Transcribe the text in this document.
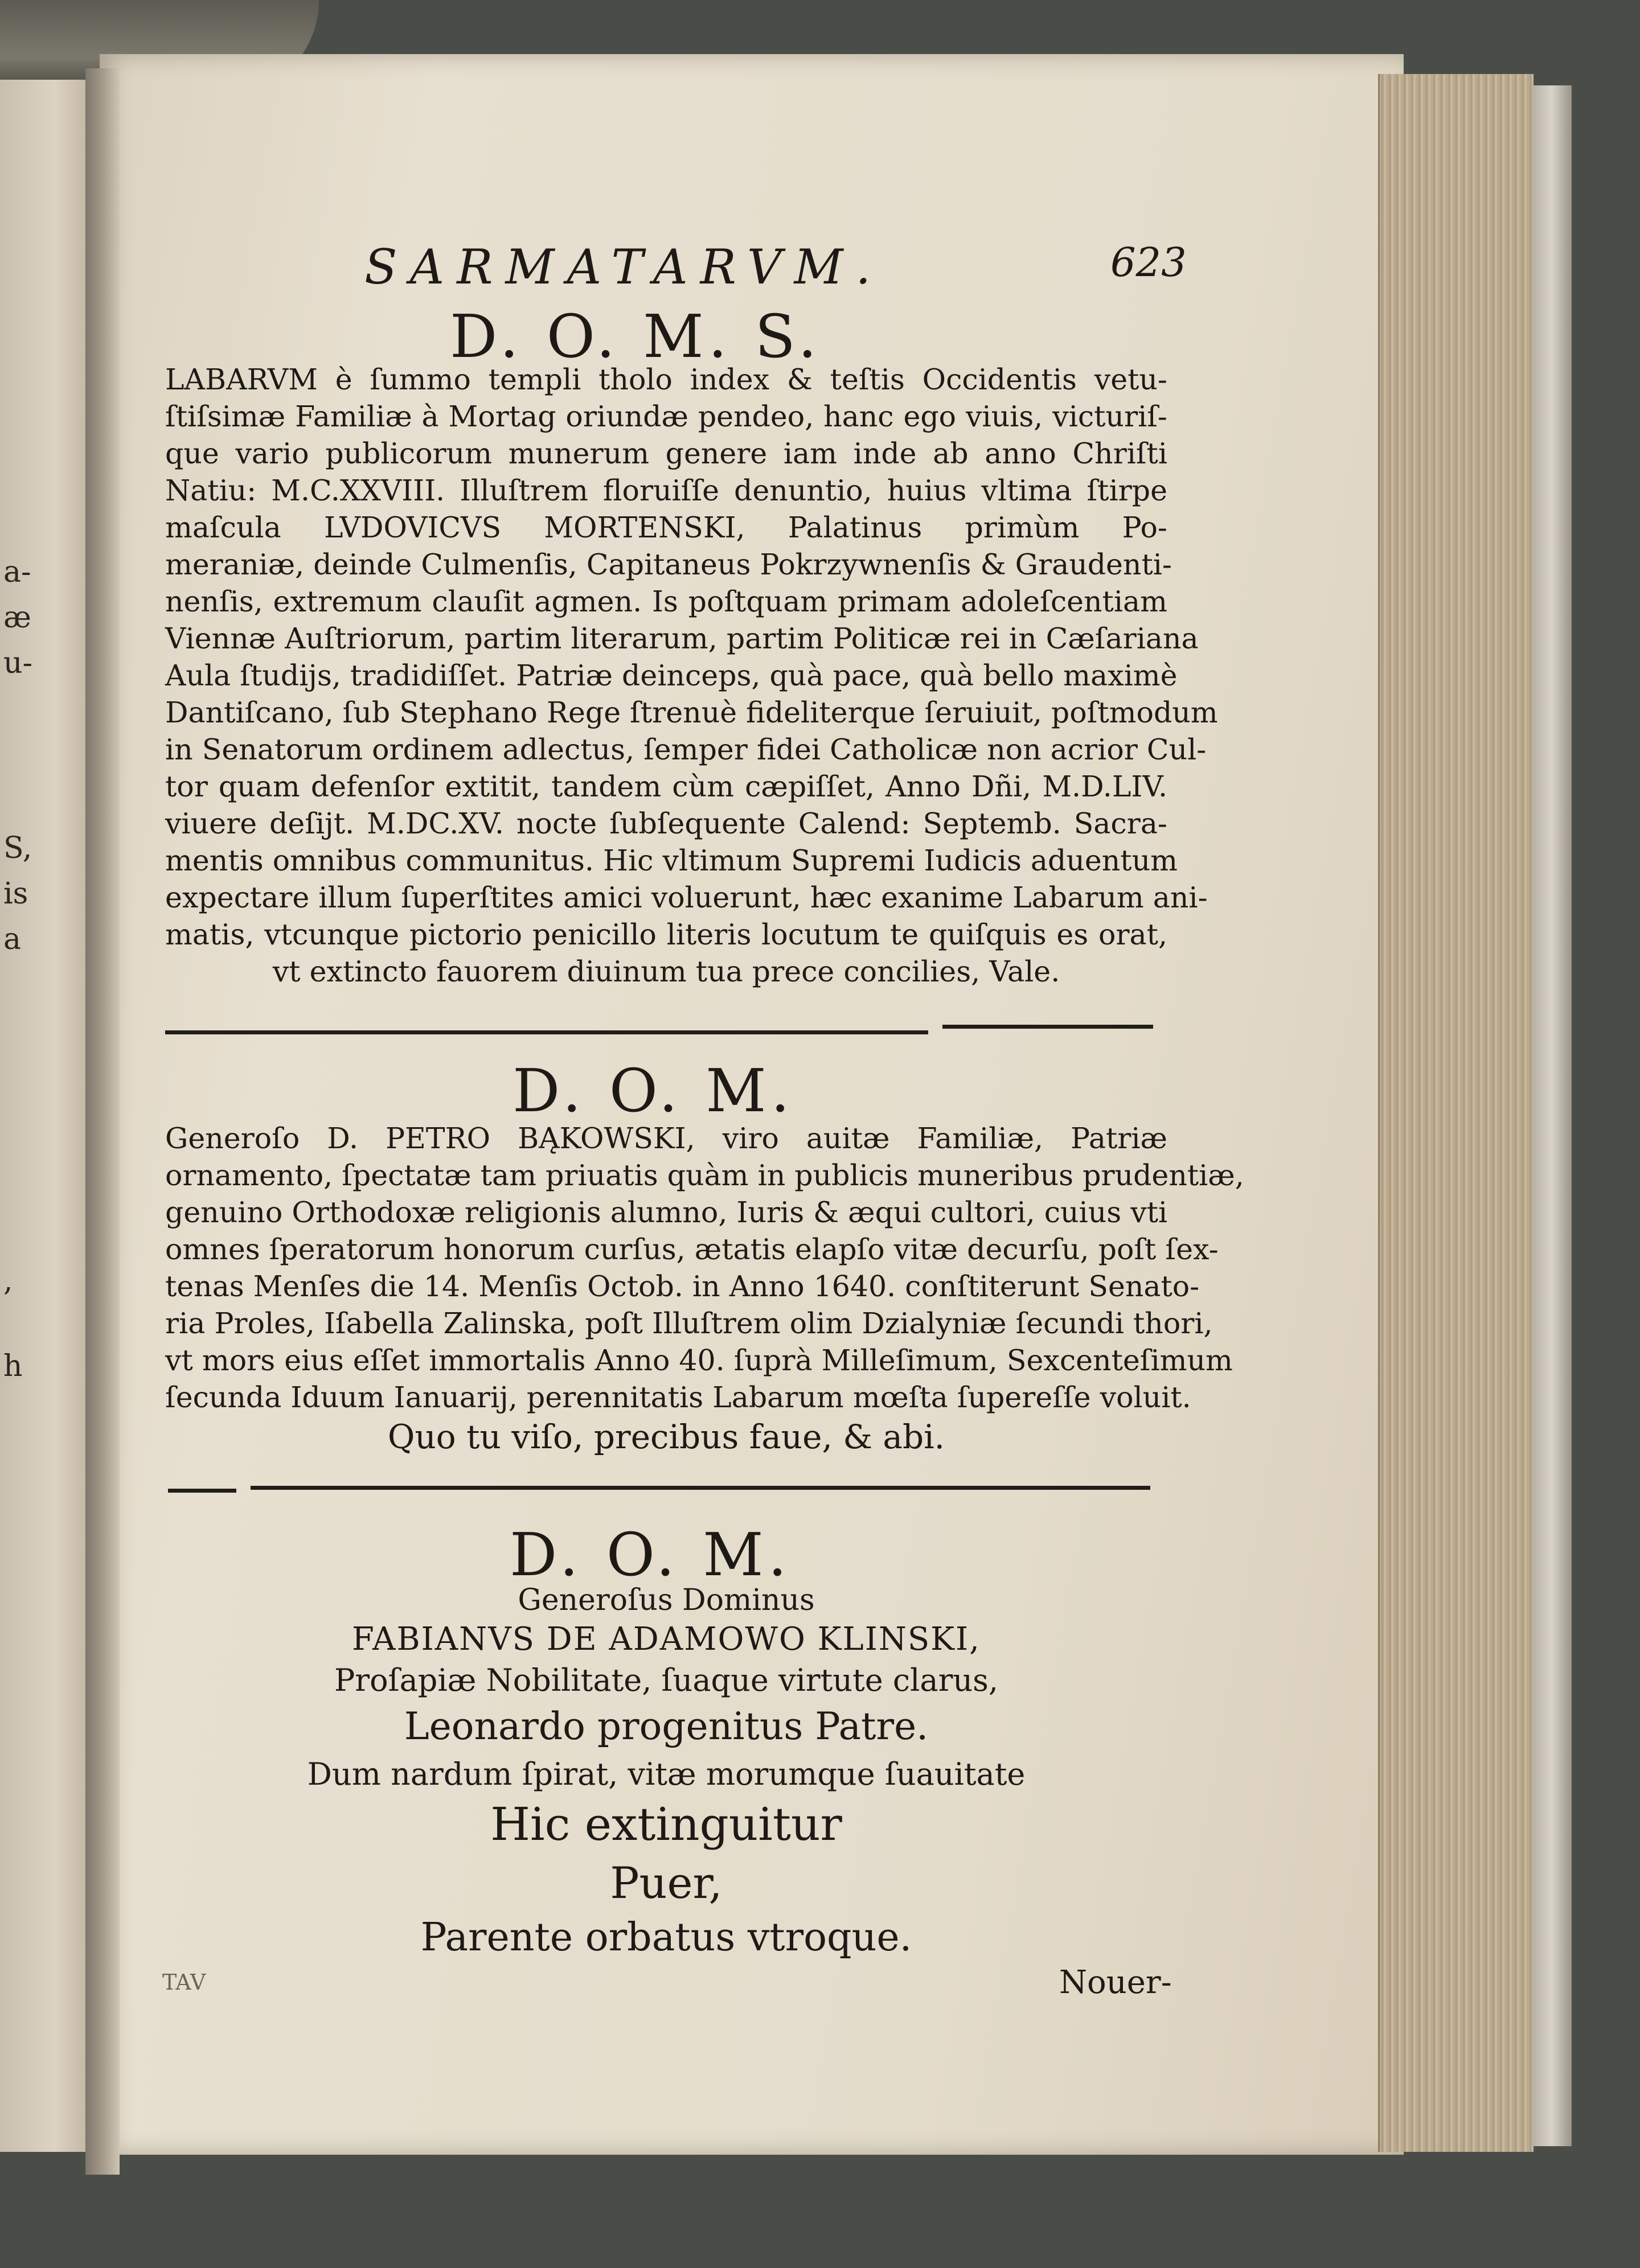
a-
æ
u-
S,
is
a
,
h
SARMATARVM.	623
D. O. M. S.
LABARVM è ſummo templi tholo index & teſtis Occidentis vetu-
ſtiſsimæ Familiæ à Mortag oriundæ pendeo, hanc ego viuis, victuriſ-
que vario publicorum munerum genere iam inde ab anno Chriſti
Natiu: M.C.XXVIII. Illuſtrem floruiſſe denuntio, huius vltima ſtirpe
maſcula LVDOVICVS MORTENSKI, Palatinus primùm Po-
meraniæ, deinde Culmenſis, Capitaneus Pokrzywnenſis & Graudenti-
nenſis, extremum clauſit agmen. Is poſtquam primam adoleſcentiam
Viennæ Auſtriorum, partim literarum, partim Politicæ rei in Cæſariana
Aula ſtudijs, tradidiſſet. Patriæ deinceps, quà pace, quà bello maximè
Dantiſcano, ſub Stephano Rege ſtrenuè fideliterque ſeruiuit, poſtmodum
in Senatorum ordinem adlectus, ſemper fidei Catholicæ non acrior Cul-
tor quam defenſor extitit, tandem cùm cæpiſſet, Anno Dñi, M.D.LIV.
viuere deſijt. M.DC.XV. nocte ſubſequente Calend: Septemb. Sacra-
mentis omnibus communitus. Hic vltimum Supremi Iudicis aduentum
expectare illum ſuperſtites amici voluerunt, hæc exanime Labarum ani-
matis, vtcunque pictorio penicillo literis locutum te quiſquis es orat,
vt extincto fauorem diuinum tua prece concilies, Vale.
D. O. M.
Generoſo D. PETRO BĄKOWSKI, viro auitæ Familiæ, Patriæ
ornamento, ſpectatæ tam priuatis quàm in publicis muneribus prudentiæ,
genuino Orthodoxæ religionis alumno, Iuris & æqui cultori, cuius vti
omnes ſperatorum honorum curſus, ætatis elapſo vitæ decurſu, poſt ſex-
tenas Menſes die 14. Menſis Octob. in Anno 1640. conſtiterunt Senato-
ria Proles, Iſabella Zalinska, poſt Illuſtrem olim Dzialyniæ ſecundi thori,
vt mors eius eſſet immortalis Anno 40. ſuprà Milleſimum, Sexcenteſimum
ſecunda Iduum Ianuarij, perennitatis Labarum mœſta ſupereſſe voluit.
Quo tu viſo, precibus faue, & abi.
D. O. M.
Generoſus Dominus
FABIANVS DE ADAMOWO KLINSKI,
Proſapiæ Nobilitate, ſuaque virtute clarus,
Leonardo progenitus Patre.
Dum nardum ſpirat, vitæ morumque ſuauitate
Hic extinguitur
Puer,
Parente orbatus vtroque.
TAV	Nouer-
